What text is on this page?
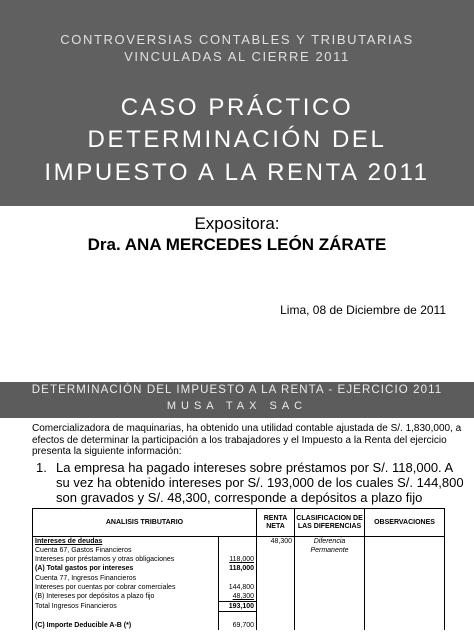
CONTROVERSIAS CONTABLES Y TRIBUTARIAS
VINCULADAS AL CIERRE 2011
CASO PRÁCTICO
DETERMINACIÓN DEL
IMPUESTO A LA RENTA 2011
Expositora:
Dra. ANA MERCEDES LEÓN ZÁRATE
Lima, 08 de Diciembre de 2011
DETERMINACIÓN DEL IMPUESTO A LA RENTA - EJERCICIO 2011
MUSA TAX SAC
Comercializadora de maquinarias, ha obtenido una utilidad contable ajustada de S/. 1,830,000, a efectos de determinar la participación a los trabajadores y el Impuesto a la Renta del ejercicio presenta la siguiente información:
1. La empresa ha pagado intereses sobre préstamos por S/. 118,000. A su vez ha obtenido intereses por S/. 193,000 de los cuales S/. 144,800 son gravados y S/. 48,300, corresponde a depósitos a plazo fijo
ANALISIS TRIBUTARIO		RENTA NETA	CLASIFICACION DE LAS DIFERENCIAS	OBSERVACIONES
Intereses de deudas		48,300	Diferencia	
Cuenta 67, Gastos Financieros			Permanente	
Intereses por préstamos y otras obligaciones	118,000			
(A) Total gastos por intereses	118,000			
Cuenta 77, Ingresos Financieros				
Intereses por cuentas por cobrar comerciales	144,800			
(B) Intereses por depósitos a plazo fijo	48,300			
Total Ingresos Financieros	193,100			

(C) Importe Deducible A-B (*)	69,700			
